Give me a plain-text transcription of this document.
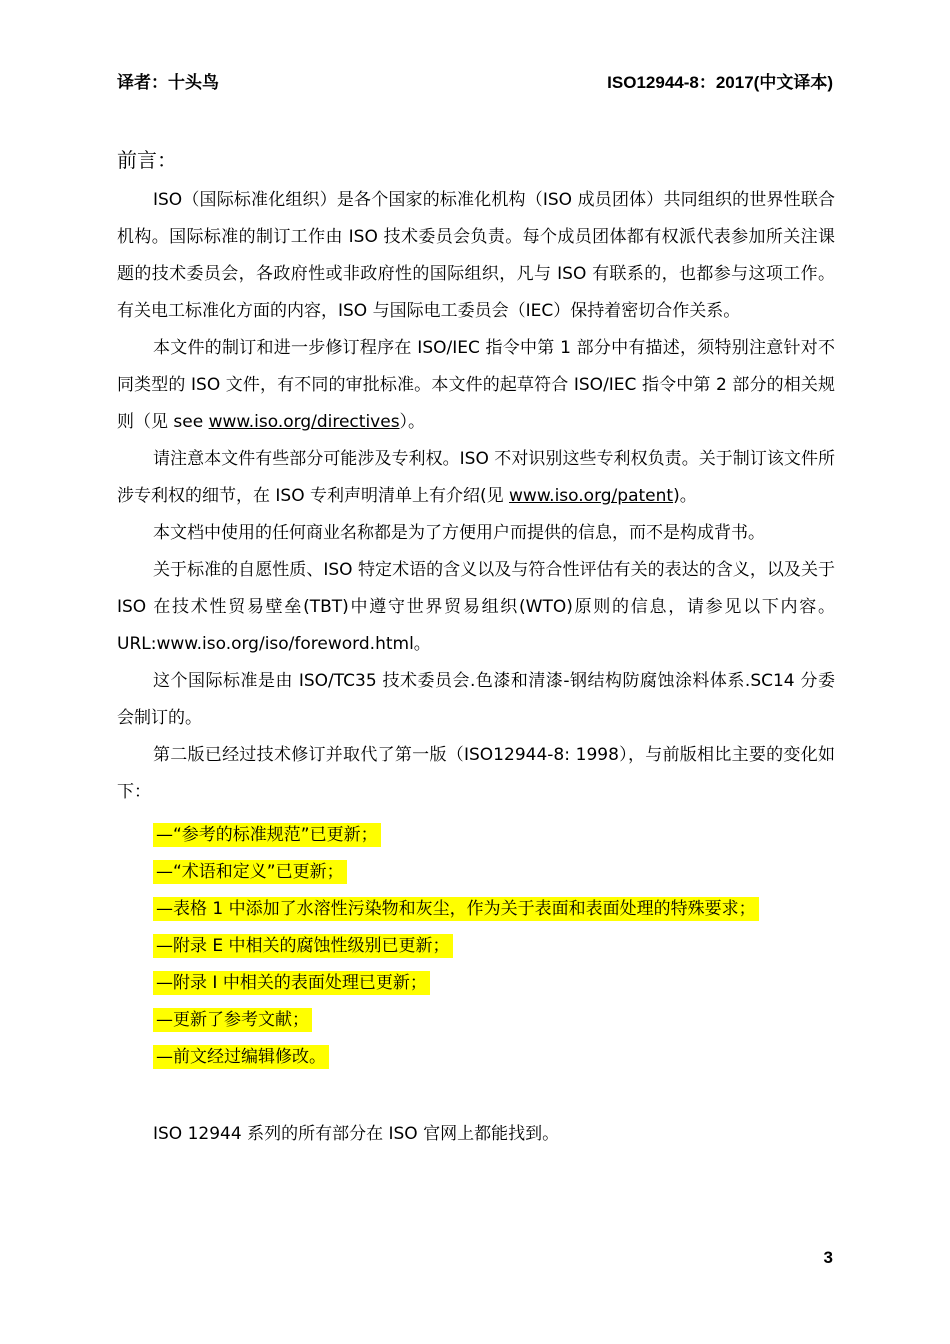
译者：十头鸟	ISO12944-8：2017(中文译本)
前言：

ISO（国际标准化组织）是各个国家的标准化机构（ISO 成员团体）共同组织的世界性联合机构。国际标准的制订工作由 ISO 技术委员会负责。每个成员团体都有权派代表参加所关注课题的技术委员会，各政府性或非政府性的国际组织，凡与 ISO 有联系的，也都参与这项工作。有关电工标准化方面的内容，ISO 与国际电工委员会（IEC）保持着密切合作关系。

本文件的制订和进一步修订程序在 ISO/IEC 指令中第 1 部分中有描述，须特别注意针对不同类型的 ISO 文件，有不同的审批标准。本文件的起草符合 ISO/IEC 指令中第 2 部分的相关规则（见 see www.iso.org/directives）。

请注意本文件有些部分可能涉及专利权。ISO 不对识别这些专利权负责。关于制订该文件所涉专利权的细节，在 ISO 专利声明清单上有介绍(见 www.iso.org/patent)。

本文档中使用的任何商业名称都是为了方便用户而提供的信息，而不是构成背书。

关于标准的自愿性质、ISO 特定术语的含义以及与符合性评估有关的表达的含义，以及关于 ISO 在技术性贸易壁垒(TBT)中遵守世界贸易组织(WTO)原则的信息，请参见以下内容。URL:www.iso.org/iso/foreword.html。

这个国际标准是由 ISO/TC35 技术委员会.色漆和清漆-钢结构防腐蚀涂料体系.SC14 分委会制订的。

第二版已经过技术修订并取代了第一版（ISO12944-8: 1998），与前版相比主要的变化如下：

—“参考的标准规范”已更新；
—“术语和定义”已更新；
—表格 1 中添加了水溶性污染物和灰尘，作为关于表面和表面处理的特殊要求；
—附录 E 中相关的腐蚀性级别已更新；
—附录 I 中相关的表面处理已更新；
—更新了参考文献；
—前文经过编辑修改。

ISO 12944 系列的所有部分在 ISO 官网上都能找到。

3
